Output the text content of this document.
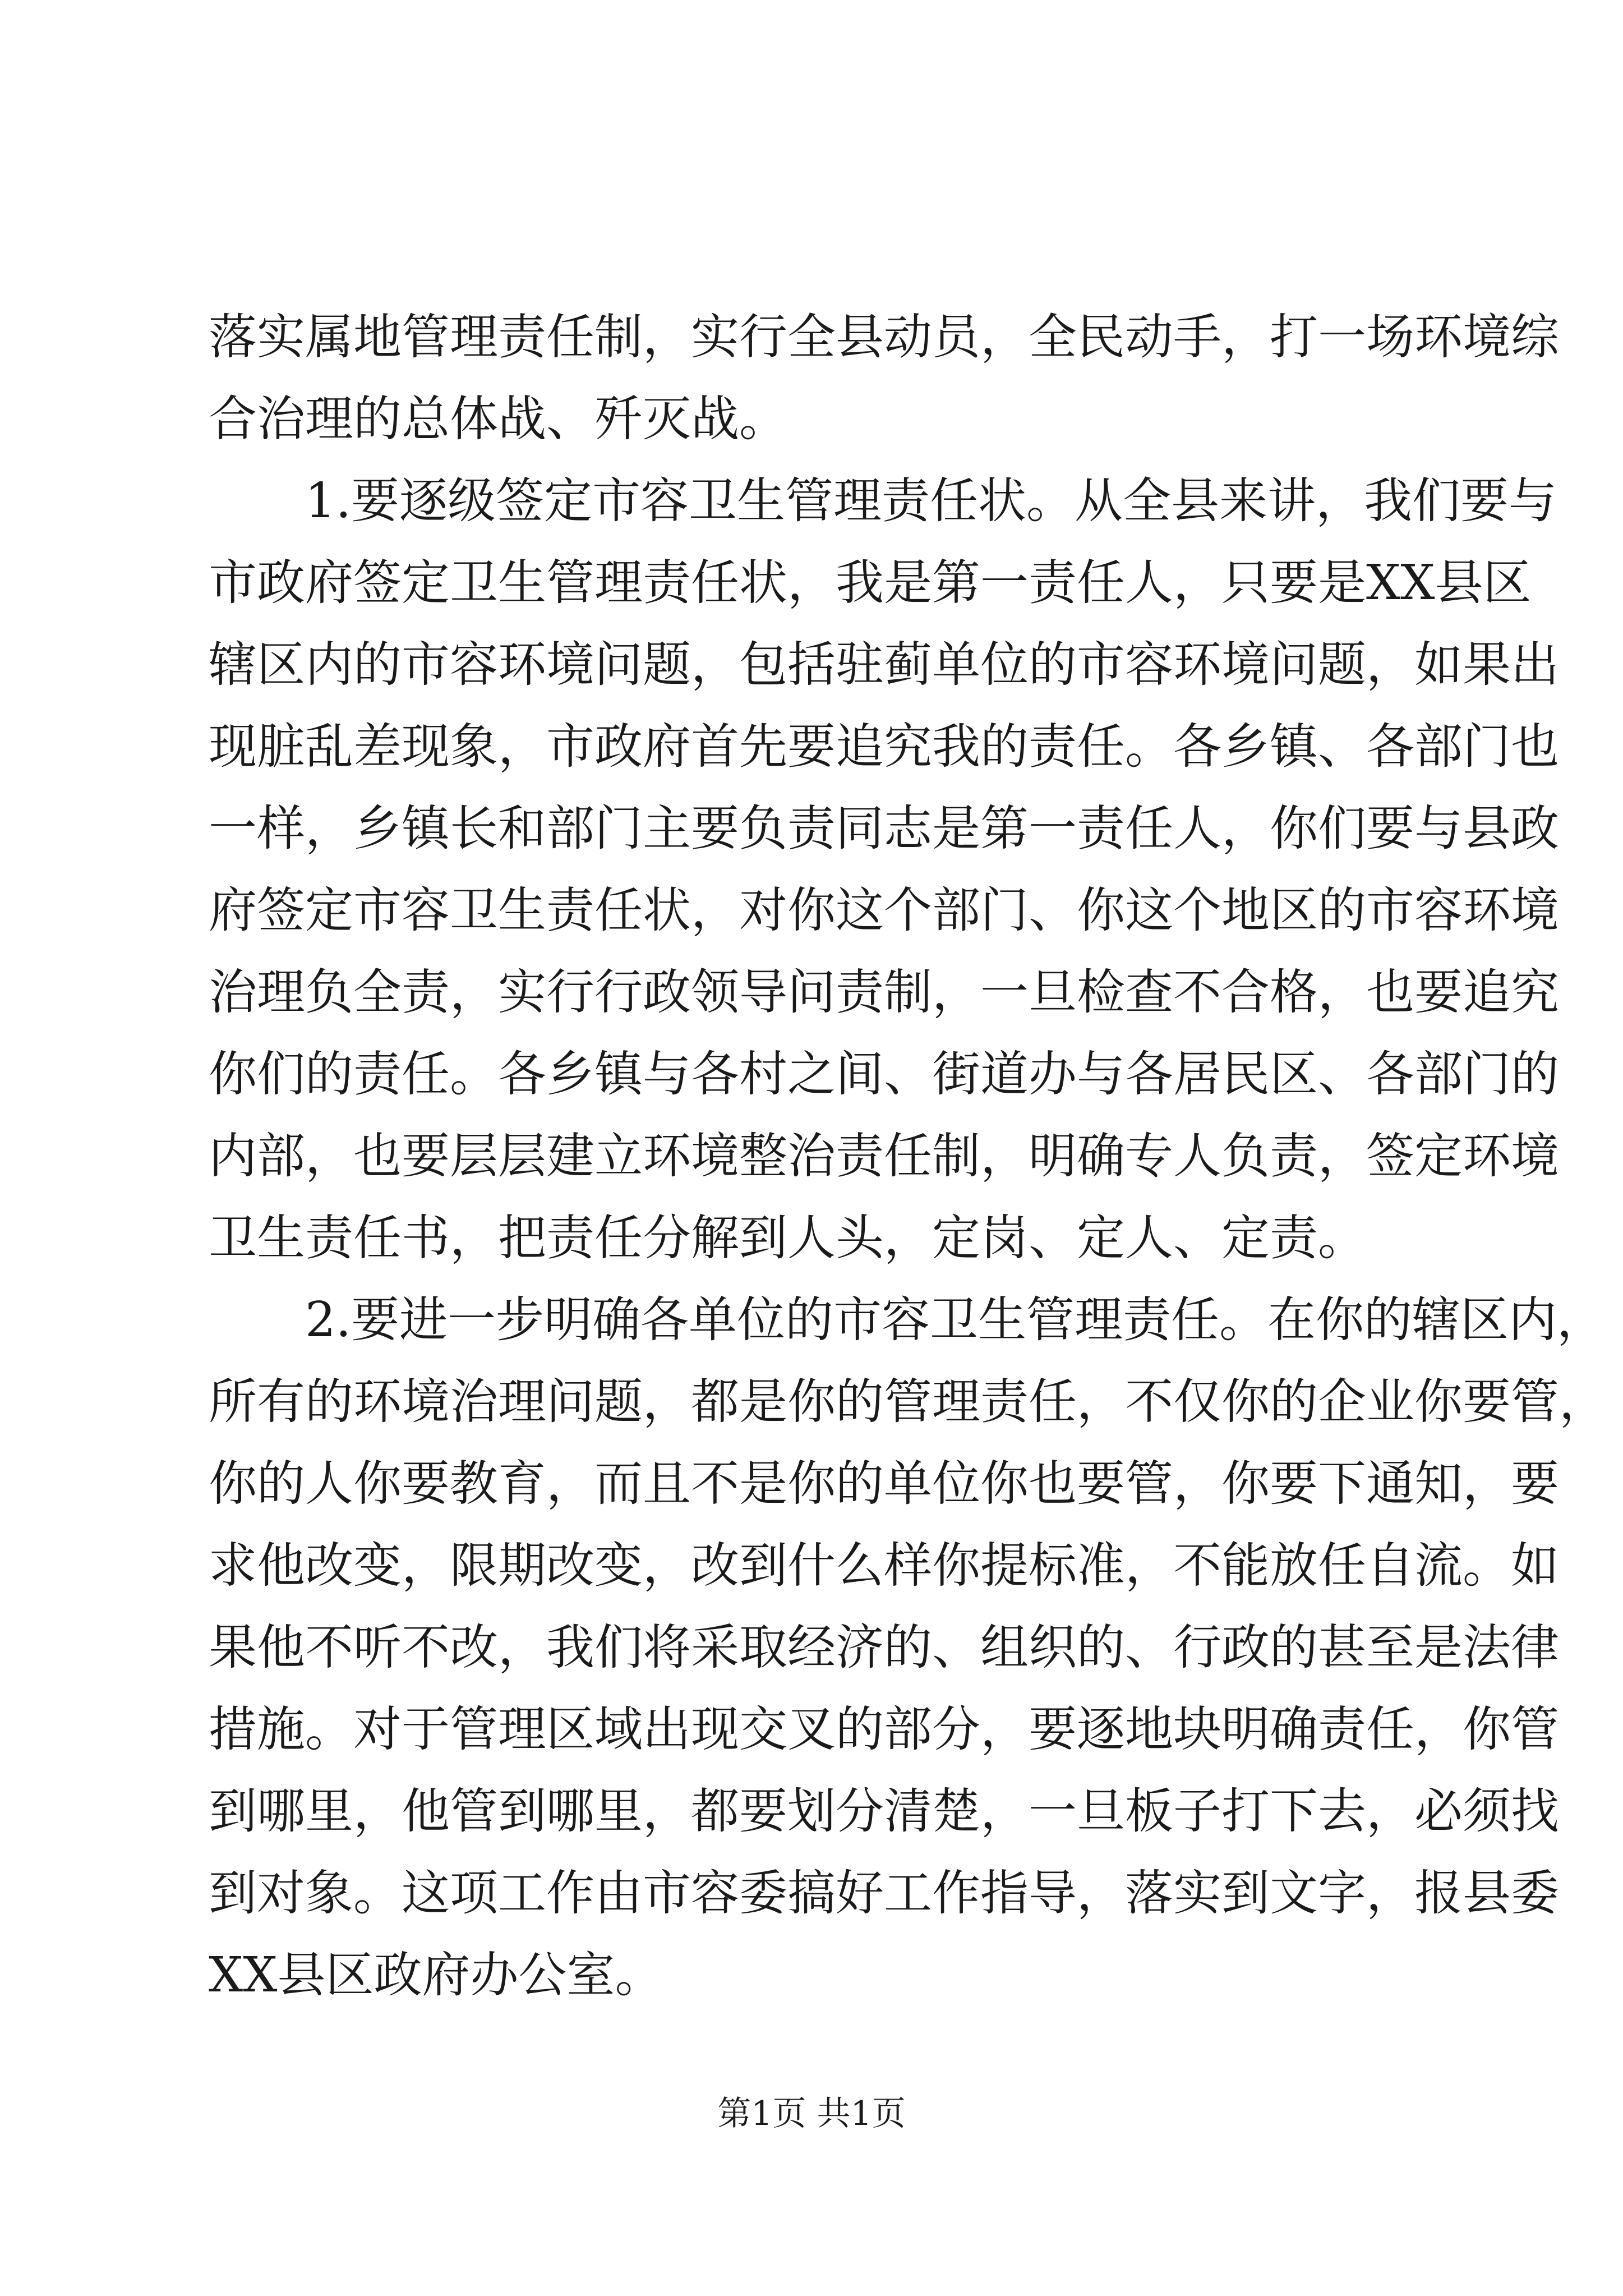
落实属地管理责任制，实行全县动员，全民动手，打一场环境综
合治理的总体战、歼灭战。
1.要逐级签定市容卫生管理责任状。从全县来讲，我们要与
市政府签定卫生管理责任状，我是第一责任人，只要是XX县区
辖区内的市容环境问题，包括驻蓟单位的市容环境问题，如果出
现脏乱差现象，市政府首先要追究我的责任。各乡镇、各部门也
一样，乡镇长和部门主要负责同志是第一责任人，你们要与县政
府签定市容卫生责任状，对你这个部门、你这个地区的市容环境
治理负全责，实行行政领导问责制，一旦检查不合格，也要追究
你们的责任。各乡镇与各村之间、街道办与各居民区、各部门的
内部，也要层层建立环境整治责任制，明确专人负责，签定环境
卫生责任书，把责任分解到人头，定岗、定人、定责。
2.要进一步明确各单位的市容卫生管理责任。在你的辖区内，
所有的环境治理问题，都是你的管理责任，不仅你的企业你要管，
你的人你要教育，而且不是你的单位你也要管，你要下通知，要
求他改变，限期改变，改到什么样你提标准，不能放任自流。如
果他不听不改，我们将采取经济的、组织的、行政的甚至是法律
措施。对于管理区域出现交叉的部分，要逐地块明确责任，你管
到哪里，他管到哪里，都要划分清楚，一旦板子打下去，必须找
到对象。这项工作由市容委搞好工作指导，落实到文字，报县委
XX县区政府办公室。
第1页 共1页
